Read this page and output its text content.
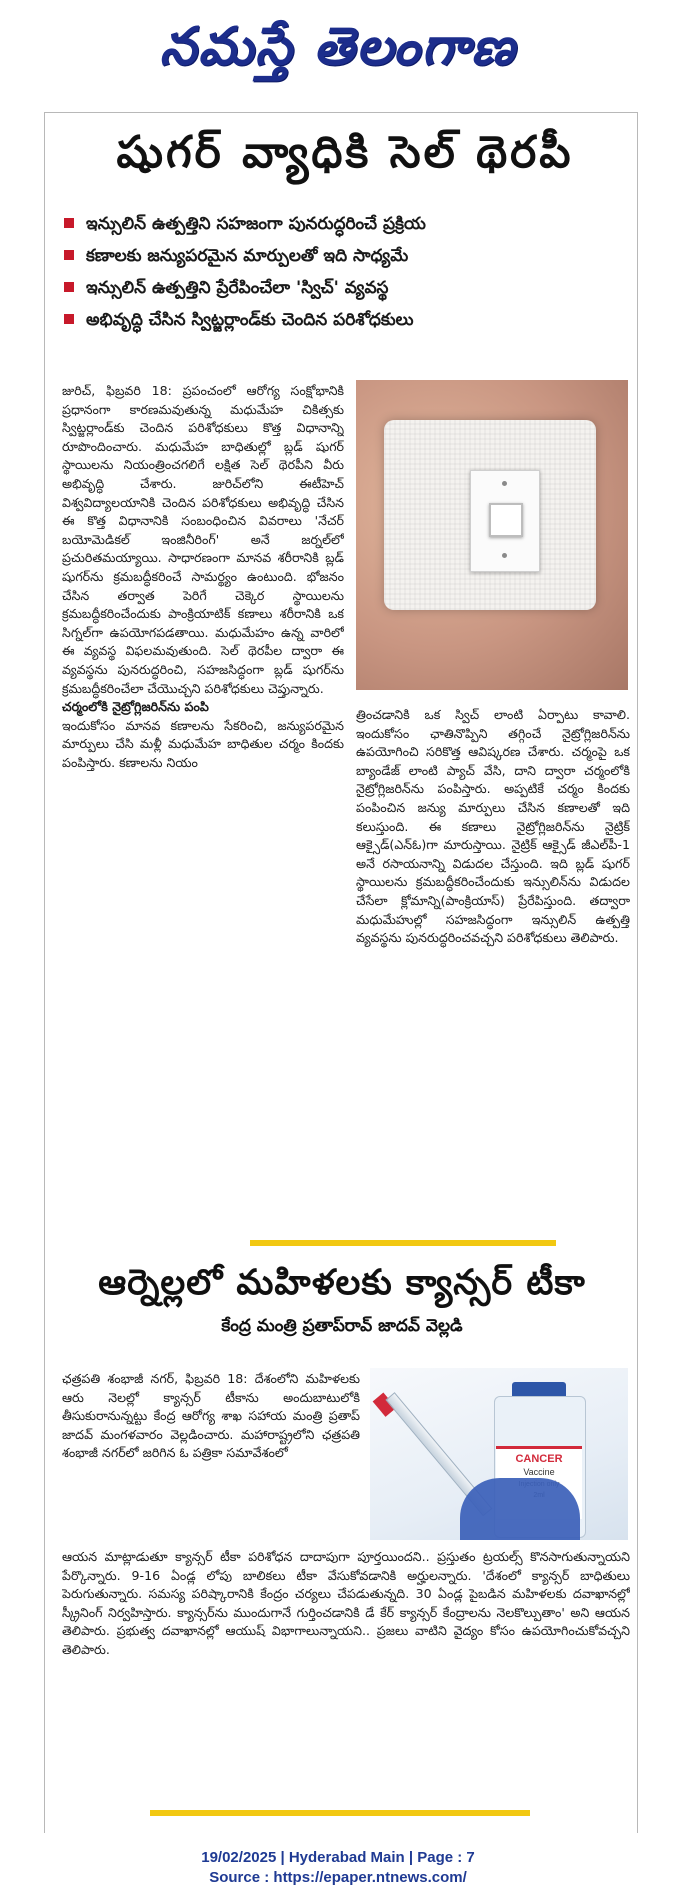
నమస్తే తెలంగాణ
షుగర్ వ్యాధికి సెల్ థెరపీ
ఇన్సులిన్ ఉత్పత్తిని సహజంగా పునరుద్ధరించే ప్రక్రియ
కణాలకు జన్యుపరమైన మార్పులతో ఇది సాధ్యమే
ఇన్సులిన్ ఉత్పత్తిని ప్రేరేపించేలా 'స్విచ్' వ్యవస్థ
అభివృద్ధి చేసిన స్విట్జర్లాండ్‌కు చెందిన పరిశోధకులు

జురిచ్, ఫిబ్రవరి 18: ప్రపంచంలో ఆరోగ్య సంక్షోభానికి ప్రధానంగా కారణమవుతున్న మధుమేహ చికిత్సకు స్విట్జర్లాండ్‌కు చెందిన పరిశోధకులు కొత్త విధానాన్ని రూపొందించారు. మధుమేహ బాధితుల్లో బ్లడ్ షుగర్ స్థాయిలను నియంత్రించగలిగే లక్షిత సెల్ థెరపీని వీరు అభివృద్ధి చేశారు. జురిచ్‌లోని ఈటీహెచ్ విశ్వవిద్యాలయానికి చెందిన పరిశోధకులు అభివృద్ధి చేసిన ఈ కొత్త విధానానికి సంబంధించిన వివరాలు 'నేచర్ బయోమెడికల్ ఇంజినీరింగ్' అనే జర్నల్‌లో ప్రచురితమయ్యాయి. సాధారణంగా మానవ శరీరానికి బ్లడ్ షుగర్‌ను క్రమబద్ధీకరించే సామర్థ్యం ఉంటుంది. భోజనం చేసిన తర్వాత పెరిగే చెక్కెర స్థాయిలను క్రమబద్ధీకరించేందుకు పాంక్రియాటిక్ కణాలు శరీరానికి ఒక సిగ్నల్‌గా ఉపయోగపడతాయి. మధుమేహం ఉన్న వారిలో ఈ వ్యవస్థ విఫలమవుతుంది. సెల్ థెరపీల ద్వారా ఈ వ్యవస్థను పునరుద్ధరించి, సహజసిద్ధంగా బ్లడ్ షుగర్‌ను క్రమబద్ధీకరించేలా చేయొచ్చని పరిశోధకులు చెప్తున్నారు.

చర్మంలోకి నైట్రోగ్లిజరిన్‌ను పంపి

ఇందుకోసం మానవ కణాలను సేకరించి, జన్యుపరమైన మార్పులు చేసి మళ్లీ మధుమేహ బాధితుల చర్మం కిందకు పంపిస్తారు. కణాలను నియం

త్రించడానికి ఒక స్విచ్ లాంటి ఏర్పాటు కావాలి. ఇందుకోసం ఛాతినొప్పిని తగ్గించే నైట్రోగ్లిజరిన్‌ను ఉపయోగించి సరికొత్త ఆవిష్కరణ చేశారు. చర్మంపై ఒక బ్యాండేజ్ లాంటి ప్యాచ్ వేసి, దాని ద్వారా చర్మంలోకి నైట్రోగ్లిజరిన్‌ను పంపిస్తారు. అప్పటికే చర్మం కిందకు పంపించిన జన్యు మార్పులు చేసిన కణాలతో ఇది కలుస్తుంది. ఈ కణాలు నైట్రోగ్లిజరిన్‌ను నైట్రిక్ ఆక్సైడ్(ఎన్‌ఓ)గా మారుస్తాయి. నైట్రిక్ ఆక్సైడ్ జీఎల్‌పీ-1 అనే రసాయనాన్ని విడుదల చేస్తుంది. ఇది బ్లడ్ షుగర్ స్థాయిలను క్రమబద్ధీకరించేందుకు ఇన్సులిన్‌ను విడుదల చేసేలా క్లోమాన్ని(పాంక్రియాస్) ప్రేరేపిస్తుంది. తద్వారా మధుమేహుల్లో సహజసిద్ధంగా ఇన్సులిన్ ఉత్పత్తి వ్యవస్థను పునరుద్ధరించవచ్చని పరిశోధకులు తెలిపారు.

ఆర్నెల్లలో మహిళలకు క్యాన్సర్ టీకా
కేంద్ర మంత్రి ప్రతాప్‌రావ్ జాదవ్ వెల్లడి

ఛత్రపతి శంభాజీ నగర్, ఫిబ్రవరి 18: దేశంలోని మహిళలకు ఆరు నెలల్లో క్యాన్సర్ టీకాను అందుబాటులోకి తీసుకురానున్నట్టు కేంద్ర ఆరోగ్య శాఖ సహాయ మంత్రి ప్రతాప్ జాదవ్ మంగళవారం వెల్లడించారు. మహారాష్ట్రలోని ఛత్రపతి శంభాజీ నగర్‌లో జరిగిన ఓ పత్రికా సమావేశంలో	CANCER
Vaccine

ఆయన మాట్లాడుతూ క్యాన్సర్ టీకా పరిశోధన దాదాపుగా పూర్తయిందని.. ప్రస్తుతం ట్రయల్స్ కొనసాగుతున్నాయని పేర్కొన్నారు. 9-16 ఏండ్ల లోపు బాలికలు టీకా వేసుకోవడానికి అర్హులన్నారు. 'దేశంలో క్యాన్సర్ బాధితులు పెరుగుతున్నారు. సమస్య పరిష్కారానికి కేంద్రం చర్యలు చేపడుతున్నది. 30 ఏండ్ల పైబడిన మహిళలకు దవాఖానల్లో స్క్రీనింగ్ నిర్వహిస్తారు. క్యాన్సర్‌ను ముందుగానే గుర్తించడానికి డే కేర్ క్యాన్సర్ కేంద్రాలను నెలకొల్పుతాం' అని ఆయన తెలిపారు. ప్రభుత్వ దవాఖానల్లో ఆయుష్ విభాగాలున్నాయని.. ప్రజలు వాటిని వైద్యం కోసం ఉపయోగించుకోవచ్చని తెలిపారు.

19/02/2025 | Hyderabad Main | Page : 7
Source : https://epaper.ntnews.com/
